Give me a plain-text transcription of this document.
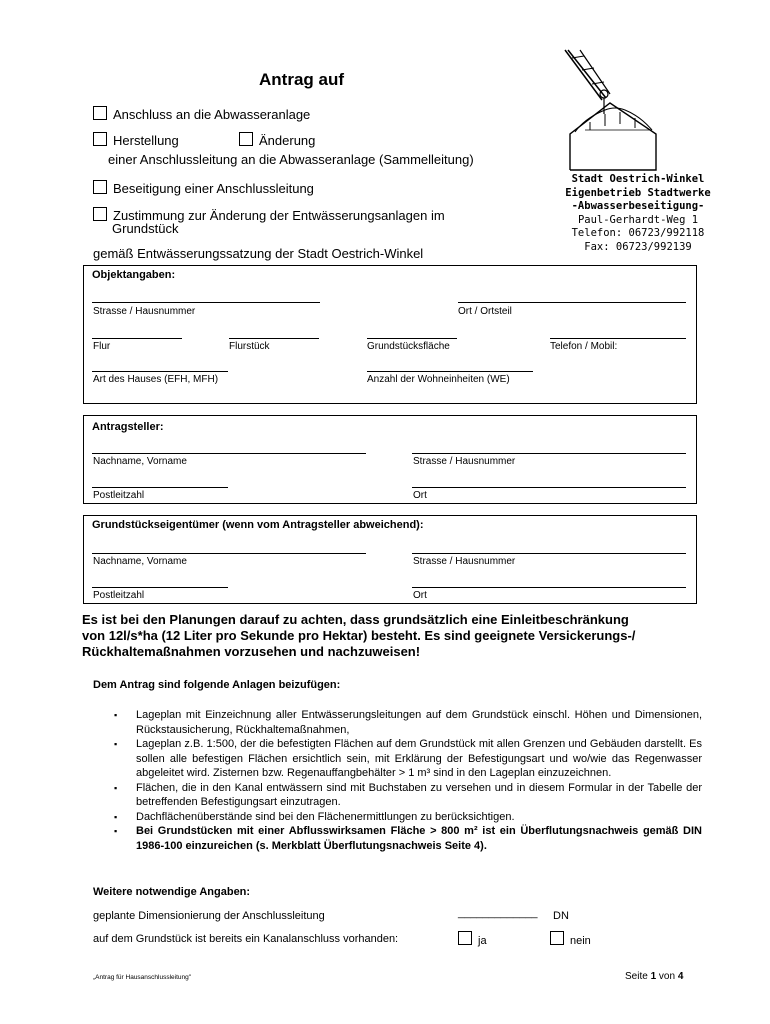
Antrag auf
Anschluss an die Abwasseranlage
Herstellung	Änderung
einer Anschlussleitung an die Abwasseranlage (Sammelleitung)
Beseitigung einer Anschlussleitung
Zustimmung zur Änderung der Entwässerungsanlagen im
Grundstück
gemäß Entwässerungssatzung der Stadt Oestrich-Winkel
Stadt Oestrich-Winkel
Eigenbetrieb Stadtwerke
-Abwasserbeseitigung-
Paul-Gerhardt-Weg 1
Telefon: 06723/992118
Fax: 06723/992139
Objektangaben:
Strasse / Hausnummer	Ort / Ortsteil
Flur	Flurstück	Grundstücksfläche	Telefon / Mobil:
Art des Hauses (EFH, MFH)	Anzahl der Wohneinheiten (WE)
Antragsteller:
Nachname, Vorname	Strasse / Hausnummer
Postleitzahl	Ort
Grundstückseigentümer (wenn vom Antragsteller abweichend):
Nachname, Vorname	Strasse / Hausnummer
Postleitzahl	Ort
Es ist bei den Planungen darauf zu achten, dass grundsätzlich eine Einleitbeschränkung
von 12l/s*ha (12 Liter pro Sekunde pro Hektar) besteht. Es sind geeignete Versickerungs-/
Rückhaltemaßnahmen vorzusehen und nachzuweisen!
Dem Antrag sind folgende Anlagen beizufügen:
▪ Lageplan mit Einzeichnung aller Entwässerungsleitungen auf dem Grundstück einschl. Höhen und Dimensionen, Rückstausicherung, Rückhaltemaßnahmen,
▪ Lageplan z.B. 1:500, der die befestigten Flächen auf dem Grundstück mit allen Grenzen und Gebäuden darstellt. Es sollen alle befestigen Flächen ersichtlich sein, mit Erklärung der Befestigungsart und wo/wie das Regenwasser abgeleitet wird. Zisternen bzw. Regenauffangbehälter > 1 m³ sind in den Lageplan einzuzeichnen.
▪ Flächen, die in den Kanal entwässern sind mit Buchstaben zu versehen und in diesem Formular in der Tabelle der betreffenden Befestigungsart einzutragen.
▪ Dachflächenüberstände sind bei den Flächenermittlungen zu berücksichtigen.
▪ Bei Grundstücken mit einer Abflusswirksamen Fläche > 800 m² ist ein Überflutungsnachweis gemäß DIN 1986-100 einzureichen (s. Merkblatt Überflutungsnachweis Seite 4).
Weitere notwendige Angaben:
geplante Dimensionierung der Anschlussleitung	_____________ DN
auf dem Grundstück ist bereits ein Kanalanschluss vorhanden:	ja	nein
„Antrag für Hausanschlussleitung"	Seite 1 von 4
